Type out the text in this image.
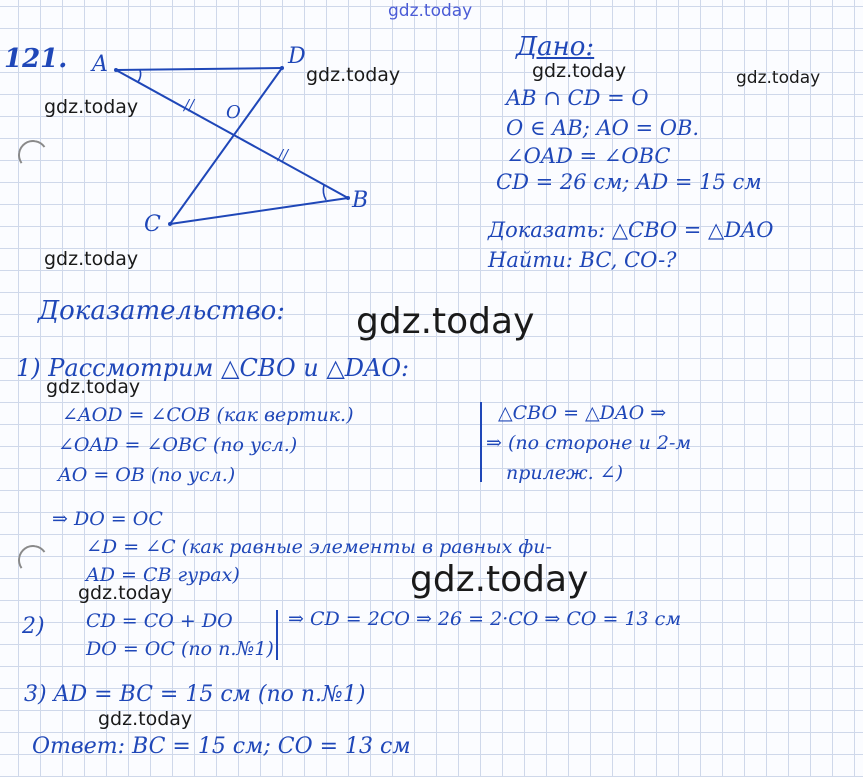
gdz.today
121. A	D
O
B
C
//
//
Дано:
AB ∩ CD = O
O ∈ AB; AO = OB.
∠OAD = ∠OBC
CD = 26 см; AD = 15 см
Доказать: △CBO = △DAO
Найти: BC, CO-?
Доказательство:
1) Рассмотрим △CBO и △DAO:
∠AOD = ∠COB (как вертик.)
∠OAD = ∠OBC (по усл.)
AO = OB (по усл.)
△CBO = △DAO ⇒
⇒ (по стороне и 2-м
прилеж. ∠)
⇒ DO = OC
∠D = ∠C (как равные элементы в равных фи-
AD = CB гурах)
2) CD = CO + DO
DO = OC (по п.№1)
⇒ CD = 2CO ⇒ 26 = 2·CO ⇒ CO = 13 см
3) AD = BC = 15 см (по п.№1)
Ответ: BC = 15 см; CO = 13 см
gdz.today
gdz.today
gdz.today	gdz.today
gdz.today
gdz.today
gdz.today
gdz.today
gdz.today
gdz.today
